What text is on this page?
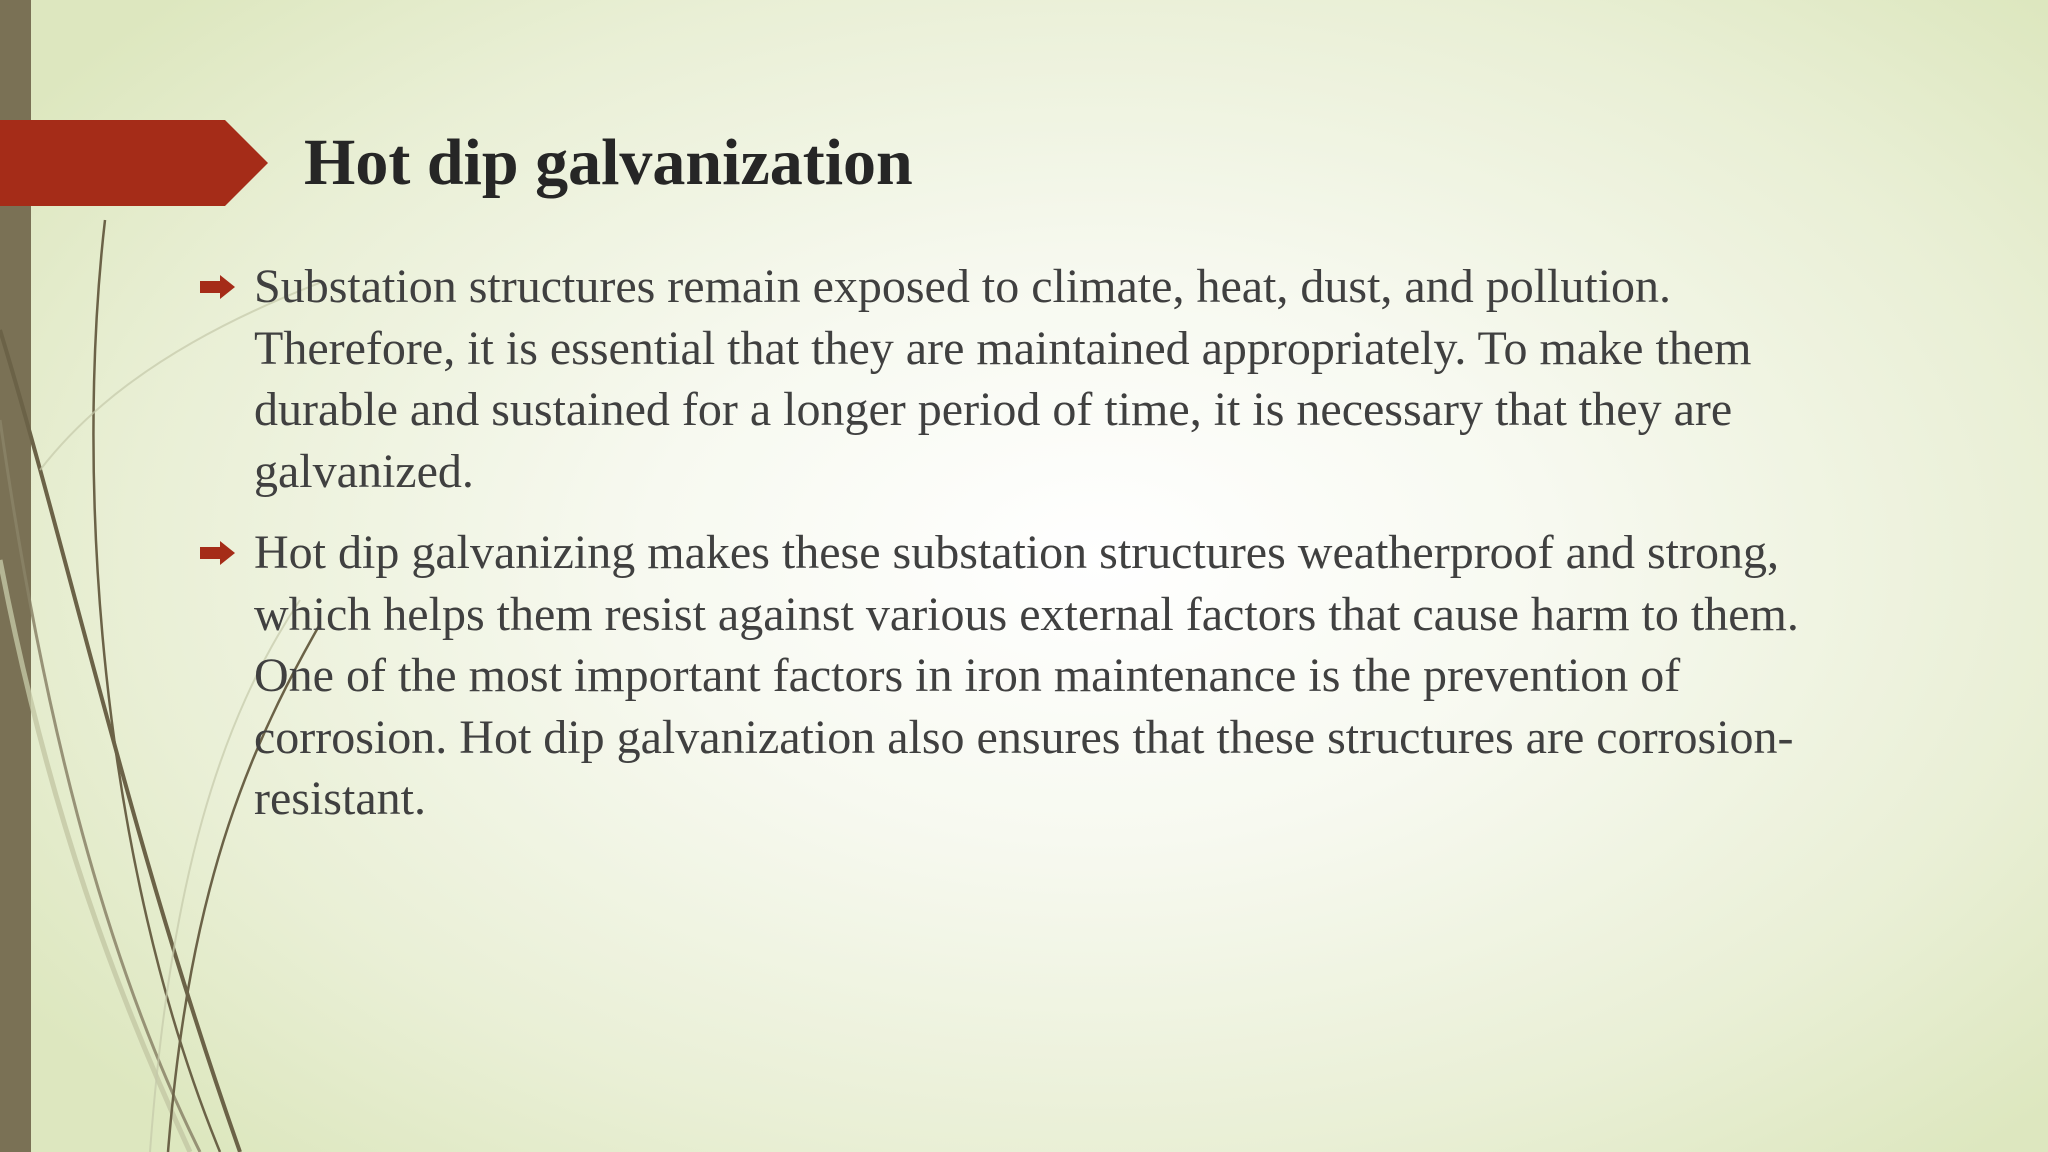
Hot dip galvanization
Substation structures remain exposed to climate, heat, dust, and pollution. Therefore, it is essential that they are maintained appropriately. To make them durable and sustained for a longer period of time, it is necessary that they are galvanized.
Hot dip galvanizing makes these substation structures weatherproof and strong, which helps them resist against various external factors that cause harm to them. One of the most important factors in iron maintenance is the prevention of corrosion. Hot dip galvanization also ensures that these structures are corrosion-resistant.
